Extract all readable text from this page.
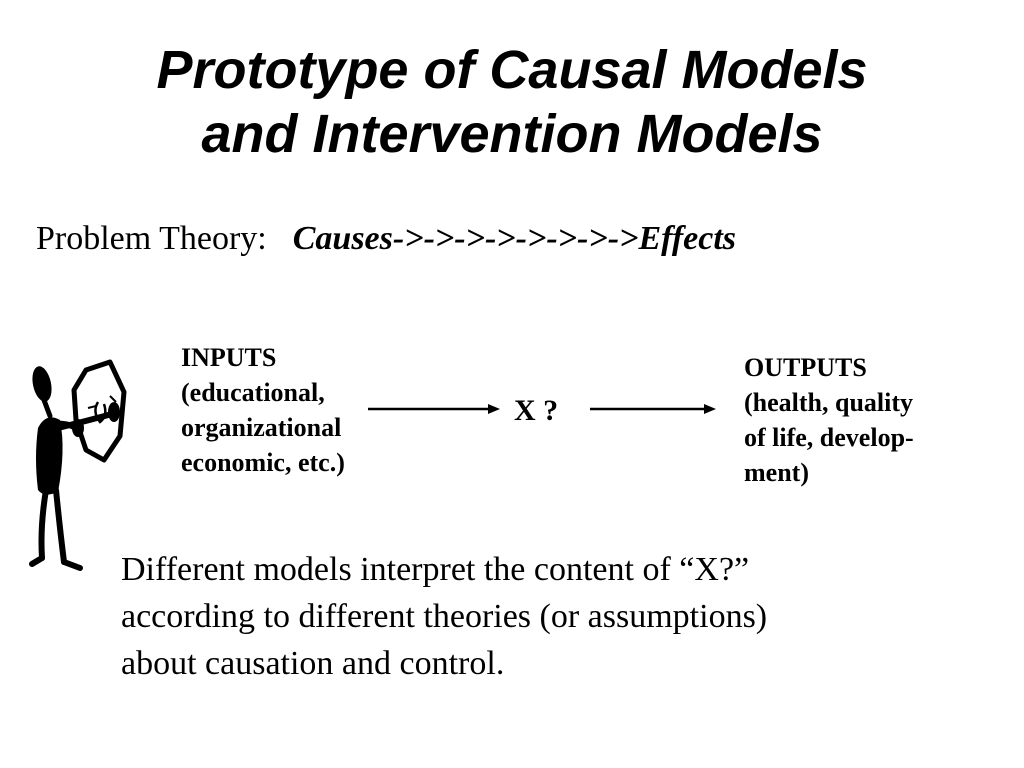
Prototype of Causal Models
and Intervention Models
Problem Theory: Causes->->->->->->->->Effects
INPUTS
(educational,
organizational
economic, etc.)
X ?
OUTPUTS
(health, quality
of life, develop-
ment)
Different models interpret the content of “X?”
according to different theories (or assumptions)
about causation and control.
